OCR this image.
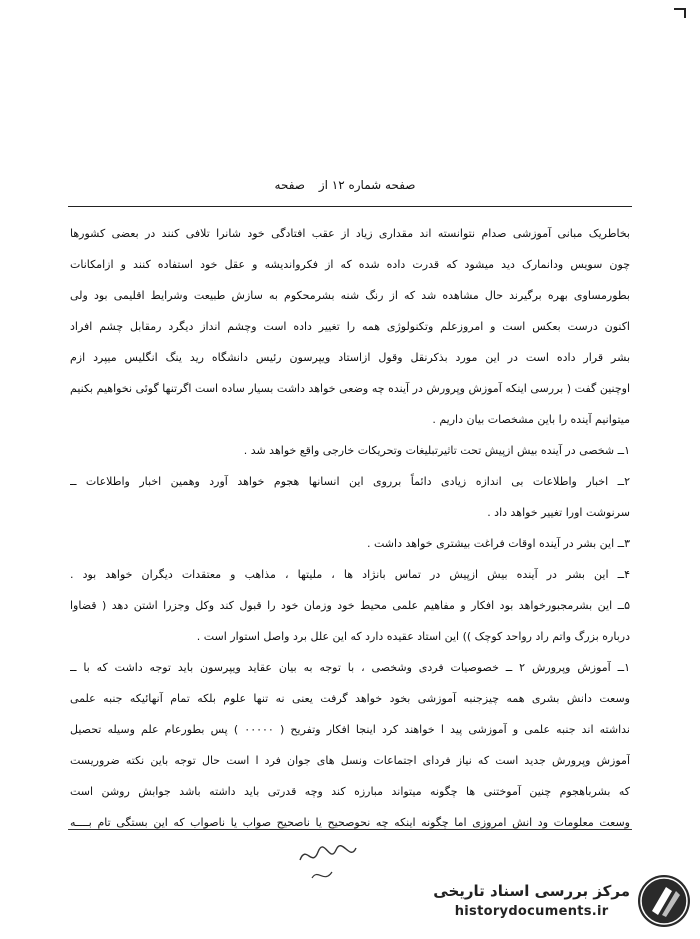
صفحه شماره ۱۲ از صفحه
بخاطریک مبانی آموزشی صدام نتوانسته اند مقداری زیاد از عقب افتادگی خود شانرا تلافی کنند در بعضی کشورها
چون سویس ودانمارک دید میشود که قدرت داده شده که از فکرواندیشه و عقل خود استفاده کنند و ازامکانات
بطورمساوی بهره برگیرند حال مشاهده شد که از رنگ شنه بشرمحکوم به سازش طبیعت وشرایط اقلیمی بود ولی
اکنون درست بعکس است و امروزعلم وتکنولوژی همه را تغییر داده است وچشم انداز دیگرد رمقابل چشم افراد
بشر قرار داده است در این مورد بذکرنقل وقول ازاستاد ویپرسون رئیس دانشگاه رید ینگ انگلیس میپرد ازم
اوچنین گفت ( بررسی اینکه آموزش وپرورش در آینده چه وضعی خواهد داشت بسیار ساده است اگرتنها گوئی نخواهیم بکنیم
میتوانیم آینده را باین مشخصات بیان داریم .
۱ــ شخصی در آینده بیش ازپیش تحت تاثیرتبلیغات وتحریکات خارجی واقع خواهد شد .
۲ــ اخبار واطلاعات بی اندازه زیادی دائماً برروی این انسانها هجوم خواهد آورد وهمین اخبار واطلاعات ــ
سرنوشت اورا تغییر خواهد داد .
۳ــ این بشر در آینده اوقات فراغت بیشتری خواهد داشت .
۴ــ این بشر در آینده بیش ازپیش در تماس بانژاد ها ، ملیتها ، مذاهب و معتقدات دیگران خواهد بود .
۵ــ این بشرمجبورخواهد بود افکار و مفاهیم علمی محیط خود وزمان خود را قبول کند وکل وجزرا اشتن دهد ( قضاوا
درباره بزرگ واتم راد رواحد کوچک )) این استاد عقیده دارد که این علل برد واصل استوار است .
۱ــ آموزش وپرورش ۲ ــ خصوصیات فردی وشخصی ، با توجه به بیان عقاید ویپرسون باید توجه داشت که با ــ
وسعت دانش بشری همه چیزجنبه آموزشی بخود خواهد گرفت یعنی نه تنها علوم بلکه تمام آنهائیکه جنبه علمی
نداشته اند جنبه علمی و آموزشی پید ا خواهند کرد اینجا افکار وتفریح ( ۰۰۰۰۰ ) پس بطورعام علم وسیله تحصیل
آموزش وپرورش جدید است که نیاز فردای اجتماعات ونسل های جوان فرد ا است حال توجه باین نکته ضروریست
که بشرباهجوم چنین آموختنی ها چگونه میتواند مبارزه کند وچه قدرتی باید داشته باشد جوابش روشن است
وسعت معلومات ود انش امروزی اما چگونه اینکه چه نحوصحیح یا ناصحیح صواب یا ناصواب که این بستگی تام بــــه
مرکز بررسی اسناد تاریخی
historydocuments.ir
